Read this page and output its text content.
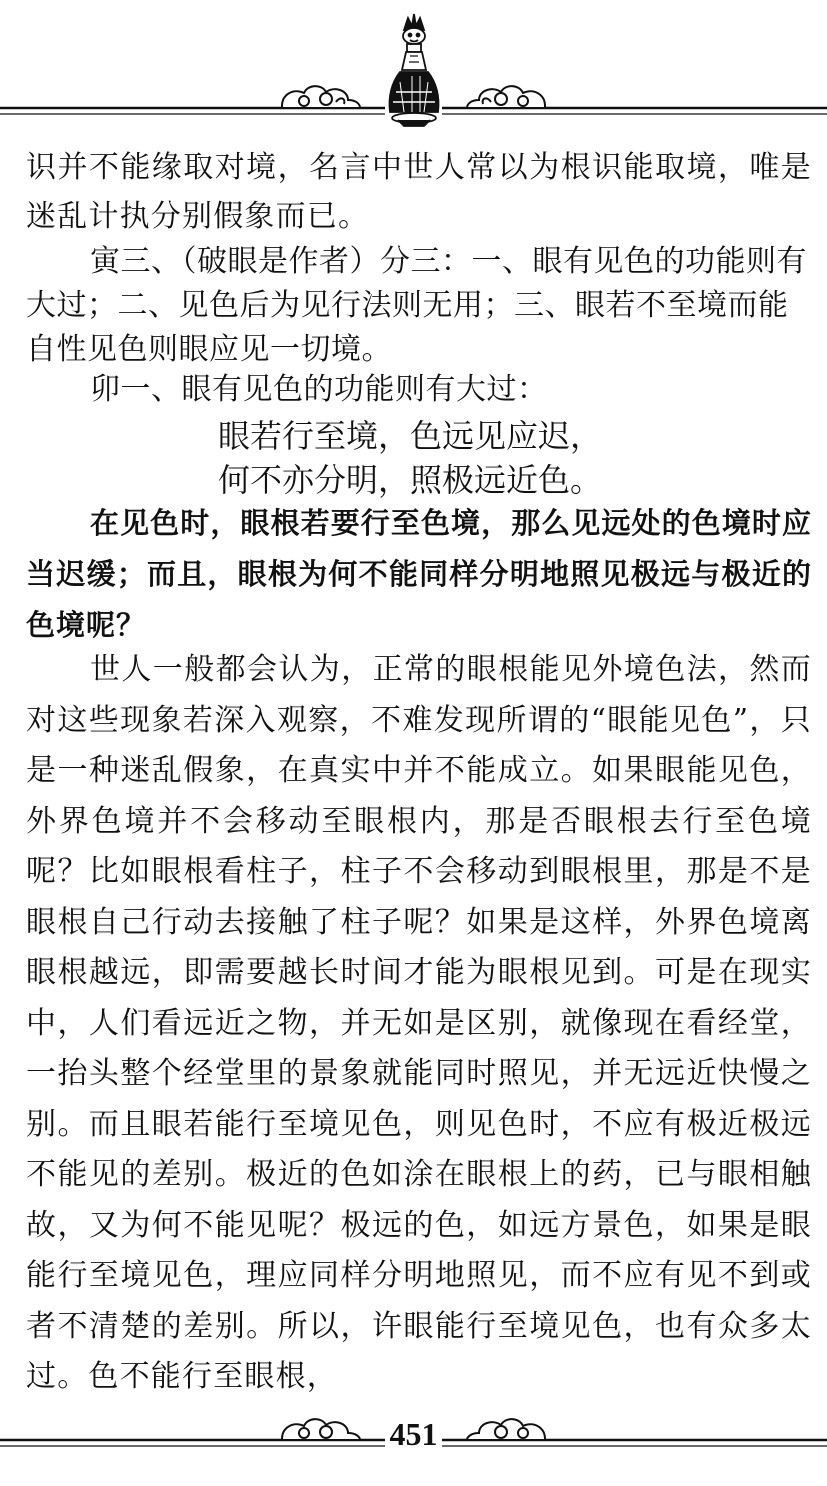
识并不能缘取对境，名言中世人常以为根识能取境，唯是迷乱计执分别假象而已。

寅三、（破眼是作者）分三：一、眼有见色的功能则有大过；二、见色后为见行法则无用；三、眼若不至境而能自性见色则眼应见一切境。

卯一、眼有见色的功能则有大过：

眼若行至境，色远见应迟，

何不亦分明，照极远近色。

在见色时，眼根若要行至色境，那么见远处的色境时应当迟缓；而且，眼根为何不能同样分明地照见极远与极近的色境呢？

世人一般都会认为，正常的眼根能见外境色法，然而对这些现象若深入观察，不难发现所谓的“眼能见色”，只是一种迷乱假象，在真实中并不能成立。如果眼能见色，外界色境并不会移动至眼根内，那是否眼根去行至色境呢？比如眼根看柱子，柱子不会移动到眼根里，那是不是眼根自己行动去接触了柱子呢？如果是这样，外界色境离眼根越远，即需要越长时间才能为眼根见到。可是在现实中，人们看远近之物，并无如是区别，就像现在看经堂，一抬头整个经堂里的景象就能同时照见，并无远近快慢之别。而且眼若能行至境见色，则见色时，不应有极近极远不能见的差别。极近的色如涂在眼根上的药，已与眼相触故，又为何不能见呢？极远的色，如远方景色，如果是眼能行至境见色，理应同样分明地照见，而不应有见不到或者不清楚的差别。所以，许眼能行至境见色，也有众多太过。色不能行至眼根，

451
